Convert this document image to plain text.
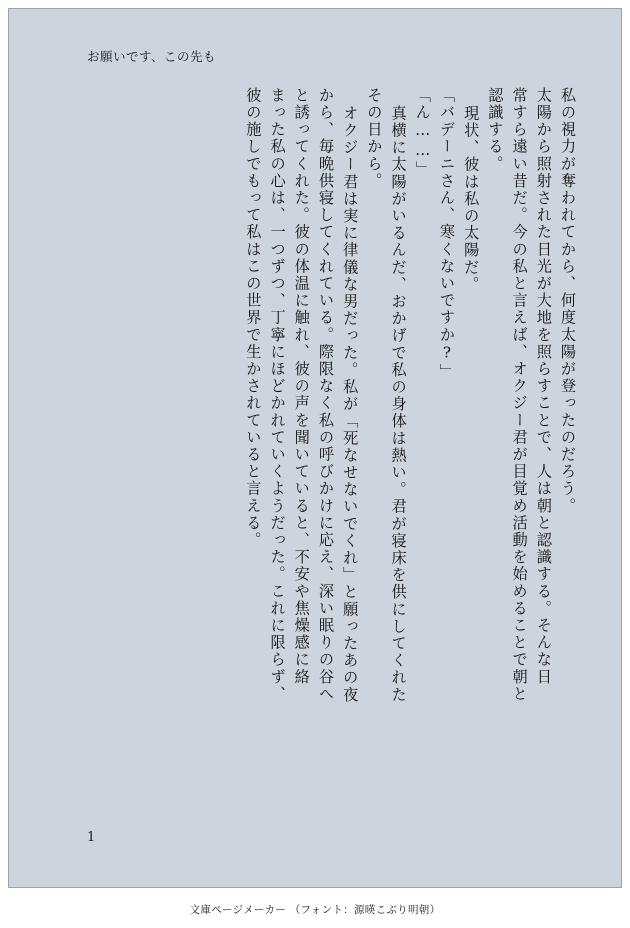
お願いです、この先も
私の視力が奪われてから、何度太陽が登ったのだろう。
太陽から照射された日光が大地を照らすことで、人は朝と認識する。そんな日
常すら遠い昔だ。今の私と言えば、オクジー君が目覚め活動を始めることで朝と
認識する。
現状、彼は私の太陽だ。
「バデーニさん、寒くないですか?」
「ん……」
真横に太陽がいるんだ、おかげで私の身体は熱い。君が寝床を供にしてくれた
その日から。
オクジー君は実に律儀な男だった。私が「死なせないでくれ」と願ったあの夜
から、毎晩供寝してくれている。際限なく私の呼びかけに応え、深い眠りの谷へ
と誘ってくれた。彼の体温に触れ、彼の声を聞いていると、不安や焦燥感に絡
まった私の心は、一つずつ、丁寧にほどかれていくようだった。これに限らず、
彼の施しでもって私はこの世界で生かされていると言える。
1
文庫ページメーカー （フォント：源暎こぶり明朝）
